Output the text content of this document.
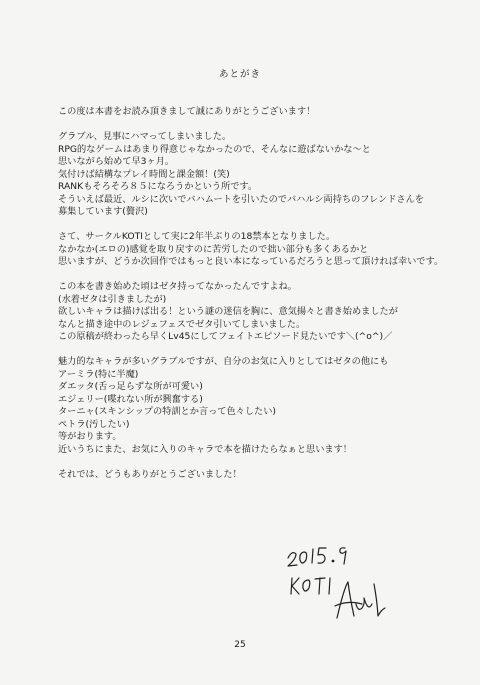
あとがき
この度は本書をお読み頂きまして誠にありがとうございます！
グラブル、見事にハマってしまいました。
RPG的なゲームはあまり得意じゃなかったので、そんなに遊ばないかな～と
思いながら始めて早3ヶ月。
気付けば結構なプレイ時間と課金額！(笑)
RANKもそろそろ８５になろうかという所です。
そういえば最近、ルシに次いでバハムートを引いたのでバハルシ両持ちのフレンドさんを
募集しています(贅沢)
さて、サークルKOTIとして実に2年半ぶりの18禁本となりました。
なかなか(エロの)感覚を取り戻すのに苦労したので拙い部分も多くあるかと
思いますが、どうか次回作ではもっと良い本になっているだろうと思って頂ければ幸いです。
この本を書き始めた頃はゼタ持ってなかったんですよね。
(水着ゼタは引きましたが)
欲しいキャラは描けば出る！という謎の迷信を胸に、意気揚々と書き始めましたが
なんと描き途中のレジェフェスでゼタ引いてしまいました。
この原稿が終わったら早くLv45にしてフェイトエピソード見たいです＼(^o^)／
魅力的なキャラが多いグラブルですが、自分のお気に入りとしてはゼタの他にも
アーミラ(特に半魔)
ダエッタ(舌っ足らずな所が可愛い)
エジェリー(喋れない所が興奮する)
ターニャ(スキンシップの特訓とか言って色々したい)
ペトラ(汚したい)
等がおります。
近いうちにまた、お気に入りのキャラで本を描けたらなぁと思います！
それでは、どうもありがとうございました！
2015.9
25
